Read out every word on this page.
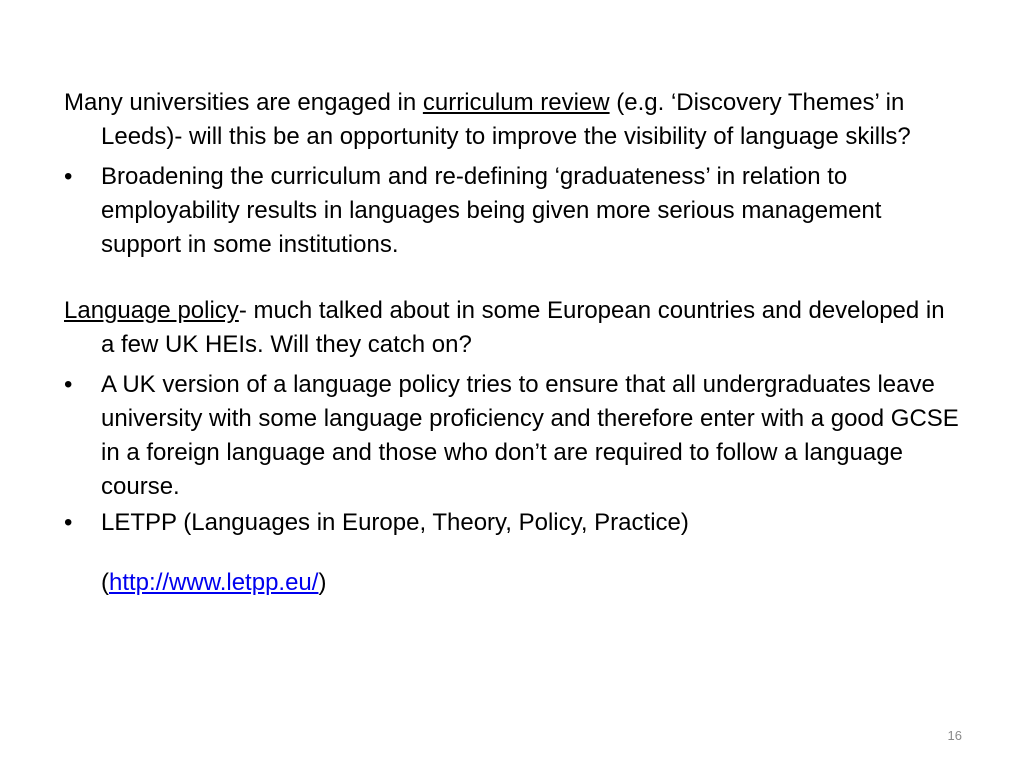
Many universities are engaged in curriculum review (e.g. ‘Discovery Themes’ in Leeds)- will this be an opportunity to improve the visibility of language skills?

•	Broadening the curriculum and re-defining ‘graduateness’ in relation to employability results in languages being given more serious management support in some institutions.

Language policy- much talked about in some European countries and developed in a few UK HEIs. Will they catch on?

•	A UK version of a language policy tries to ensure that all undergraduates leave university with some language proficiency and therefore enter with a good GCSE in a foreign language and those who don’t are required to follow a language course.
•	LETPP (Languages in Europe, Theory, Policy, Practice)

(http://www.letpp.eu/)

16
